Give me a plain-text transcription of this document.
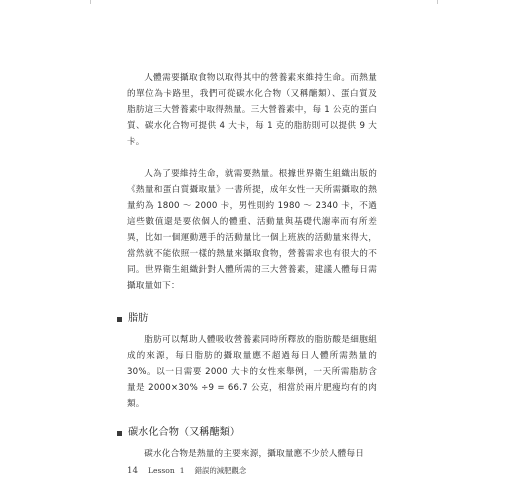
人體需要攝取食物以取得其中的營養素來維持生命。而熱量的單位為卡路里，我們可從碳水化合物（又稱醣類）、蛋白質及脂肪這三大營養素中取得熱量。三大營養素中，每 1 公克的蛋白質、碳水化合物可提供 4 大卡，每 1 克的脂肪則可以提供 9 大卡。

人為了要維持生命，就需要熱量。根據世界衛生組織出版的《熱量和蛋白質攝取量》一書所提，成年女性一天所需攝取的熱量約為 1800 ～ 2000 卡，男性則約 1980 ～ 2340 卡，不過這些數值還是要依個人的體重、活動量與基礎代謝率而有所差異，比如一個運動選手的活動量比一個上班族的活動量來得大，當然就不能依照一樣的熱量來攝取食物，營養需求也有很大的不同。世界衛生組織針對人體所需的三大營養素，建議人體每日需攝取量如下：

脂肪

脂肪可以幫助人體吸收營養素同時所釋放的脂肪酸是細胞組成的來源，每日脂肪的攝取量應不超過每日人體所需熱量的 30%。以一日需要 2000 大卡的女性來舉例，一天所需脂肪含量是 2000×30% ÷9 = 66.7 公克，相當於兩片肥瘦均有的肉類。

碳水化合物（又稱醣類）

碳水化合物是熱量的主要來源，攝取量應不少於人體每日

14 Lesson 1 錯誤的減肥觀念
